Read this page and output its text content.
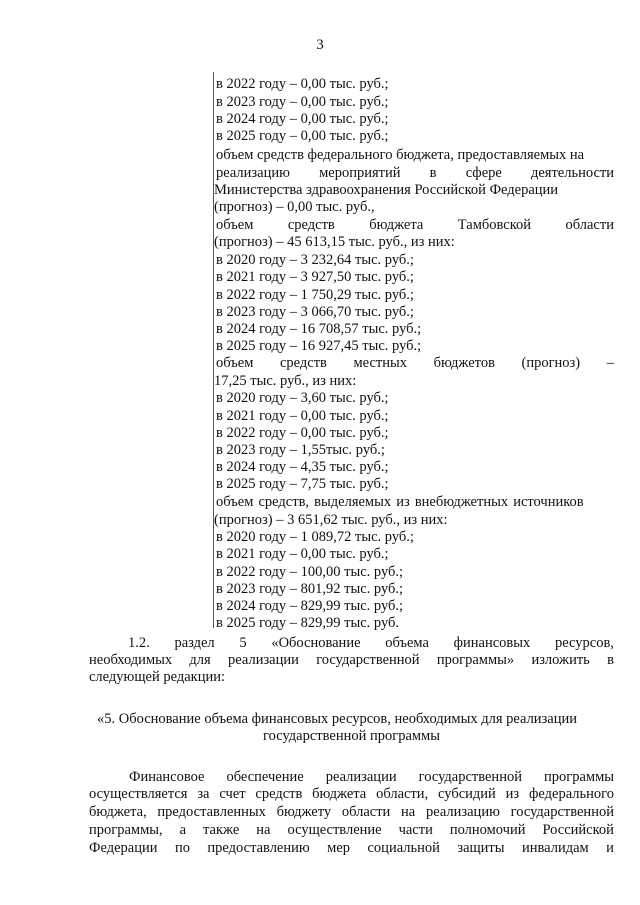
3
в 2022 году – 0,00 тыс. руб.;
в 2023 году – 0,00 тыс. руб.;
в 2024 году – 0,00 тыс. руб.;
в 2025 году – 0,00 тыс. руб.;
объем средств федерального бюджета, предоставляемых на
реализацию мероприятий в сфере деятельности
Министерства здравоохранения Российской Федерации
(прогноз) – 0,00 тыс. руб.,
объем средств бюджета Тамбовской области
(прогноз) – 45 613,15 тыс. руб., из них:
в 2020 году – 3 232,64 тыс. руб.;
в 2021 году – 3 927,50 тыс. руб.;
в 2022 году – 1 750,29 тыс. руб.;
в 2023 году – 3 066,70 тыс. руб.;
в 2024 году – 16 708,57 тыс. руб.;
в 2025 году – 16 927,45 тыс. руб.;
объем средств местных бюджетов (прогноз) –
17,25 тыс. руб., из них:
в 2020 году – 3,60 тыс. руб.;
в 2021 году – 0,00 тыс. руб.;
в 2022 году – 0,00 тыс. руб.;
в 2023 году – 1,55тыс. руб.;
в 2024 году – 4,35 тыс. руб.;
в 2025 году – 7,75 тыс. руб.;
объем средств, выделяемых из внебюджетных источников
(прогноз) – 3 651,62 тыс. руб., из них:
в 2020 году – 1 089,72 тыс. руб.;
в 2021 году – 0,00 тыс. руб.;
в 2022 году – 100,00 тыс. руб.;
в 2023 году – 801,92 тыс. руб.;
в 2024 году – 829,99 тыс. руб.;
в 2025 году – 829,99 тыс. руб.
1.2. раздел 5 «Обоснование объема финансовых ресурсов,
необходимых для реализации государственной программы» изложить в
следующей редакции:
«5. Обоснование объема финансовых ресурсов, необходимых для реализации
государственной программы
Финансовое обеспечение реализации государственной программы
осуществляется за счет средств бюджета области, субсидий из федерального
бюджета, предоставленных бюджету области на реализацию государственной
программы, а также на осуществление части полномочий Российской
Федерации по предоставлению мер социальной защиты инвалидам и
